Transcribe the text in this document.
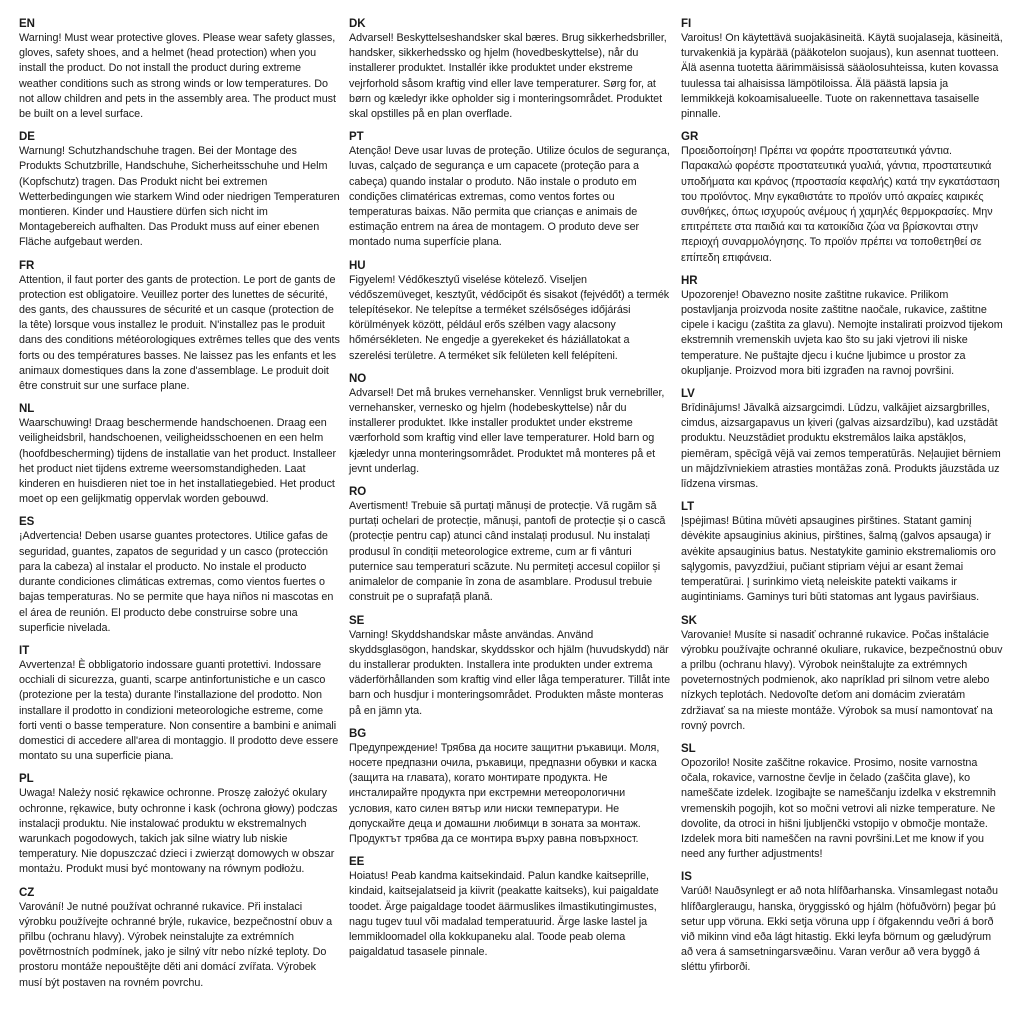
EN

Warning! Must wear protective gloves. Please wear safety glasses, gloves, safety shoes, and a helmet (head protection) when you install the product. Do not install the product during extreme weather conditions such as strong winds or low temperatures. Do not allow children and pets in the assembly area. The product must be built on a level surface.

DE

Warnung! Schutzhandschuhe tragen. Bei der Montage des Produkts Schutzbrille, Handschuhe, Sicherheitsschuhe und Helm (Kopfschutz) tragen. Das Produkt nicht bei extremen Wetterbedingungen wie starkem Wind oder niedrigen Temperaturen montieren. Kinder und Haustiere dürfen sich nicht im Montagebereich aufhalten. Das Produkt muss auf einer ebenen Fläche aufgebaut werden.

FR

Attention, il faut porter des gants de protection. Le port de gants de protection est obligatoire. Veuillez porter des lunettes de sécurité, des gants, des chaussures de sécurité et un casque (protection de la tête) lorsque vous installez le produit. N'installez pas le produit dans des conditions météorologiques extrêmes telles que des vents forts ou des températures basses. Ne laissez pas les enfants et les animaux domestiques dans la zone d'assemblage. Le produit doit être construit sur une surface plane.

NL

Waarschuwing! Draag beschermende handschoenen. Draag een veiligheidsbril, handschoenen, veiligheidsschoenen en een helm (hoofdbescherming) tijdens de installatie van het product. Installeer het product niet tijdens extreme weersomstandigheden. Laat kinderen en huisdieren niet toe in het installatiegebied. Het product moet op een gelijkmatig oppervlak worden gebouwd.

ES

¡Advertencia! Deben usarse guantes protectores. Utilice gafas de seguridad, guantes, zapatos de seguridad y un casco (protección para la cabeza) al instalar el producto. No instale el producto durante condiciones climáticas extremas, como vientos fuertes o bajas temperaturas. No se permite que haya niños ni mascotas en el área de reunión. El producto debe construirse sobre una superficie nivelada.

IT

Avvertenza! È obbligatorio indossare guanti protettivi. Indossare occhiali di sicurezza, guanti, scarpe antinfortunistiche e un casco (protezione per la testa) durante l'installazione del prodotto. Non installare il prodotto in condizioni meteorologiche estreme, come forti venti o basse temperature. Non consentire a bambini e animali domestici di accedere all'area di montaggio. Il prodotto deve essere montato su una superficie piana.

PL

Uwaga! Należy nosić rękawice ochronne. Proszę założyć okulary ochronne, rękawice, buty ochronne i kask (ochrona głowy) podczas instalacji produktu. Nie instalować produktu w ekstremalnych warunkach pogodowych, takich jak silne wiatry lub niskie temperatury. Nie dopuszczać dzieci i zwierząt domowych w obszar montażu. Produkt musi być montowany na równym podłożu.

CZ

Varování! Je nutné používat ochranné rukavice. Při instalaci výrobku používejte ochranné brýle, rukavice, bezpečnostní obuv a přilbu (ochranu hlavy). Výrobek neinstalujte za extrémních povětrnostních podmínek, jako je silný vítr nebo nízké teploty. Do prostoru montáže nepouštějte děti ani domácí zvířata. Výrobek musí být postaven na rovném povrchu.

DK

Advarsel! Beskyttelseshandsker skal bæres. Brug sikkerhedsbriller, handsker, sikkerhedssko og hjelm (hovedbeskyttelse), når du installerer produktet. Installér ikke produktet under ekstreme vejrforhold såsom kraftig vind eller lave temperaturer. Sørg for, at børn og kæledyr ikke opholder sig i monteringsområdet. Produktet skal opstilles på en plan overflade.

PT

Atenção! Deve usar luvas de proteção. Utilize óculos de segurança, luvas, calçado de segurança e um capacete (proteção para a cabeça) quando instalar o produto. Não instale o produto em condições climatéricas extremas, como ventos fortes ou temperaturas baixas. Não permita que crianças e animais de estimação entrem na área de montagem. O produto deve ser montado numa superfície plana.

HU

Figyelem! Védőkesztyű viselése kötelező. Viseljen védőszemüveget, kesztyűt, védőcipőt és sisakot (fejvédőt) a termék telepítésekor. Ne telepítse a terméket szélsőséges időjárási körülmények között, például erős szélben vagy alacsony hőmérsékleten. Ne engedje a gyerekeket és háziállatokat a szerelési területre. A terméket sík felületen kell felépíteni.

NO

Advarsel! Det må brukes vernehansker. Vennligst bruk vernebriller, vernehansker, vernesko og hjelm (hodebeskyttelse) når du installerer produktet. Ikke installer produktet under ekstreme værforhold som kraftig vind eller lave temperaturer. Hold barn og kjæledyr unna monteringsområdet. Produktet må monteres på et jevnt underlag.

RO

Avertisment! Trebuie să purtați mănuși de protecție. Vă rugăm să purtați ochelari de protecție, mănuși, pantofi de protecție și o cască (protecție pentru cap) atunci când instalați produsul. Nu instalați produsul în condiții meteorologice extreme, cum ar fi vânturi puternice sau temperaturi scăzute. Nu permiteți accesul copiilor și animalelor de companie în zona de asamblare. Produsul trebuie construit pe o suprafață plană.

SE

Varning! Skyddshandskar måste användas. Använd skyddsglasögon, handskar, skyddsskor och hjälm (huvudskydd) när du installerar produkten. Installera inte produkten under extrema väderförhållanden som kraftig vind eller låga temperaturer. Tillåt inte barn och husdjur i monteringsområdet. Produkten måste monteras på en jämn yta.

BG

Предупреждение! Трябва да носите защитни ръкавици. Моля, носете предпазни очила, ръкавици, предпазни обувки и каска (защита на главата), когато монтирате продукта. Не инсталирайте продукта при екстремни метеорологични условия, като силен вятър или ниски температури. Не допускайте деца и домашни любимци в зоната за монтаж. Продуктът трябва да се монтира върху равна повърхност.

EE

Hoiatus! Peab kandma kaitsekindaid. Palun kandke kaitseprille, kindaid, kaitsejalatseid ja kiivrit (peakatte kaitseks), kui paigaldate toodet. Ärge paigaldage toodet äärmuslikes ilmastikutingimustes, nagu tugev tuul või madalad temperatuurid. Ärge laske lastel ja lemmikloomadel olla kokkupaneku alal. Toode peab olema paigaldatud tasasele pinnale.

FI

Varoitus! On käytettävä suojakäsineitä. Käytä suojalaseja, käsineitä, turvakenkiä ja kypärää (pääkotelon suojaus), kun asennat tuotteen. Älä asenna tuotetta äärimmäisissä sääolosuhteissa, kuten kovassa tuulessa tai alhaisissa lämpötiloissa. Älä päästä lapsia ja lemmikkejä kokoamisalueelle. Tuote on rakennettava tasaiselle pinnalle.

GR

Προειδοποίηση! Πρέπει να φοράτε προστατευτικά γάντια. Παρακαλώ φορέστε προστατευτικά γυαλιά, γάντια, προστατευτικά υποδήματα και κράνος (προστασία κεφαλής) κατά την εγκατάσταση του προϊόντος. Μην εγκαθιστάτε το προϊόν υπό ακραίες καιρικές συνθήκες, όπως ισχυρούς ανέμους ή χαμηλές θερμοκρασίες. Μην επιτρέπετε στα παιδιά και τα κατοικίδια ζώα να βρίσκονται στην περιοχή συναρμολόγησης. Το προϊόν πρέπει να τοποθετηθεί σε επίπεδη επιφάνεια.

HR

Upozorenje! Obavezno nosite zaštitne rukavice. Prilikom postavljanja proizvoda nosite zaštitne naočale, rukavice, zaštitne cipele i kacigu (zaštita za glavu). Nemojte instalirati proizvod tijekom ekstremnih vremenskih uvjeta kao što su jaki vjetrovi ili niske temperature. Ne puštajte djecu i kućne ljubimce u prostor za okupljanje. Proizvod mora biti izgrađen na ravnoj površini.

LV

Brīdinājums! Jāvalkā aizsargcimdi. Lūdzu, valkājiet aizsargbrilles, cimdus, aizsargapavus un ķiveri (galvas aizsardzību), kad uzstādāt produktu. Neuzstādiet produktu ekstremālos laika apstākļos, piemēram, spēcīgā vējā vai zemos temperatūrās. Neļaujiet bērniem un mājdzīvniekiem atrasties montāžas zonā. Produkts jāuzstāda uz līdzena virsmas.

LT

Įspėjimas! Būtina mūvėti apsaugines pirštines. Statant gaminį dėvėkite apsauginius akinius, pirštines, šalmą (galvos apsauga) ir avėkite apsauginius batus. Nestatykite gaminio ekstremaliomis oro sąlygomis, pavyzdžiui, pučiant stipriam vėjui ar esant žemai temperatūrai. Į surinkimo vietą neleiskite patekti vaikams ir augintiniams. Gaminys turi būti statomas ant lygaus paviršiaus.

SK

Varovanie! Musíte si nasadiť ochranné rukavice. Počas inštalácie výrobku používajte ochranné okuliare, rukavice, bezpečnostnú obuv a prilbu (ochranu hlavy). Výrobok neinštalujte za extrémnych poveternostných podmienok, ako napríklad pri silnom vetre alebo nízkych teplotách. Nedovoľte deťom ani domácim zvieratám zdržiavať sa na mieste montáže. Výrobok sa musí namontovať na rovný povrch.

SL

Opozorilo! Nosite zaščitne rokavice. Prosimo, nosite varnostna očala, rokavice, varnostne čevlje in čelado (zaščita glave), ko nameščate izdelek. Izogibajte se nameščanju izdelka v ekstremnih vremenskih pogojih, kot so močni vetrovi ali nizke temperature. Ne dovolite, da otroci in hišni ljubljenčki vstopijo v območje montaže. Izdelek mora biti nameščen na ravni površini.Let me know if you need any further adjustments!

IS

Varúð! Nauðsynlegt er að nota hlífðarhanska. Vinsamlegast notaðu hlífðargleraugu, hanska, öryggisskó og hjálm (höfuðvörn) þegar þú setur upp vöruna. Ekki setja vöruna upp í öfgakenndu veðri á borð við mikinn vind eða lágt hitastig. Ekki leyfa börnum og gæludýrum að vera á samsetningarsvæðinu. Varan verður að vera byggð á sléttu yfirborði.
